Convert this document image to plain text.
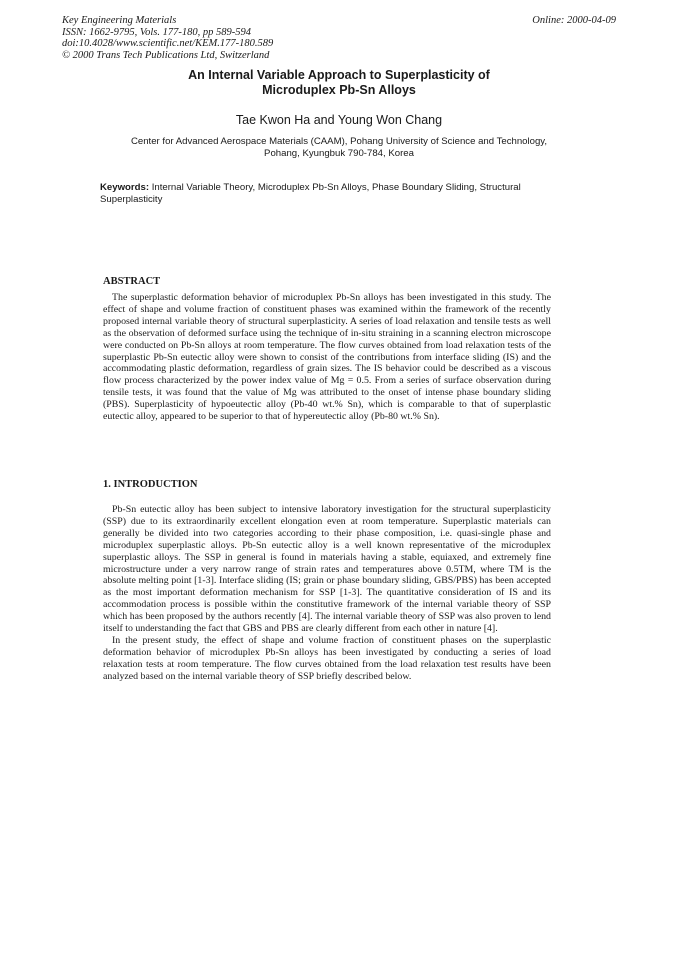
Key Engineering Materials
ISSN: 1662-9795, Vols. 177-180, pp 589-594
doi:10.4028/www.scientific.net/KEM.177-180.589
© 2000 Trans Tech Publications Ltd, Switzerland
Online: 2000-04-09
An Internal Variable Approach to Superplasticity of
Microduplex Pb-Sn Alloys
Tae Kwon Ha and Young Won Chang
Center for Advanced Aerospace Materials (CAAM), Pohang University of Science and Technology,
Pohang, Kyungbuk 790-784, Korea
Keywords: Internal Variable Theory, Microduplex Pb-Sn Alloys, Phase Boundary Sliding, Structural Superplasticity
ABSTRACT

The superplastic deformation behavior of microduplex Pb-Sn alloys has been investigated in this study. The effect of shape and volume fraction of constituent phases was examined within the framework of the recently proposed internal variable theory of structural superplasticity. A series of load relaxation and tensile tests as well as the observation of deformed surface using the technique of in-situ straining in a scanning electron microscope were conducted on Pb-Sn alloys at room temperature. The flow curves obtained from load relaxation tests of the superplastic Pb-Sn eutectic alloy were shown to consist of the contributions from interface sliding (IS) and the accommodating plastic deformation, regardless of grain sizes. The IS behavior could be described as a viscous flow process characterized by the power index value of Mg = 0.5. From a series of surface observation during tensile tests, it was found that the value of Mg was attributed to the onset of intense phase boundary sliding (PBS). Superplasticity of hypoeutectic alloy (Pb-40 wt.% Sn), which is comparable to that of superplastic eutectic alloy, appeared to be superior to that of hypereutectic alloy (Pb-80 wt.% Sn).

1. INTRODUCTION

Pb-Sn eutectic alloy has been subject to intensive laboratory investigation for the structural superplasticity (SSP) due to its extraordinarily excellent elongation even at room temperature. Superplastic materials can generally be divided into two categories according to their phase composition, i.e. quasi-single phase and microduplex superplastic alloys. Pb-Sn eutectic alloy is a well known representative of the microduplex superplastic alloys. The SSP in general is found in materials having a stable, equiaxed, and extremely fine microstructure under a very narrow range of strain rates and temperatures above 0.5TM, where TM is the absolute melting point [1-3]. Interface sliding (IS; grain or phase boundary sliding, GBS/PBS) has been accepted as the most important deformation mechanism for SSP [1-3]. The quantitative consideration of IS and its accommodation process is possible within the constitutive framework of the internal variable theory of SSP which has been proposed by the authors recently [4]. The internal variable theory of SSP was also proven to lend itself to understanding the fact that GBS and PBS are clearly different from each other in nature [4].

In the present study, the effect of shape and volume fraction of constituent phases on the superplastic deformation behavior of microduplex Pb-Sn alloys has been investigated by conducting a series of load relaxation tests at room temperature. The flow curves obtained from the load relaxation test results have been analyzed based on the internal variable theory of SSP briefly described below.
